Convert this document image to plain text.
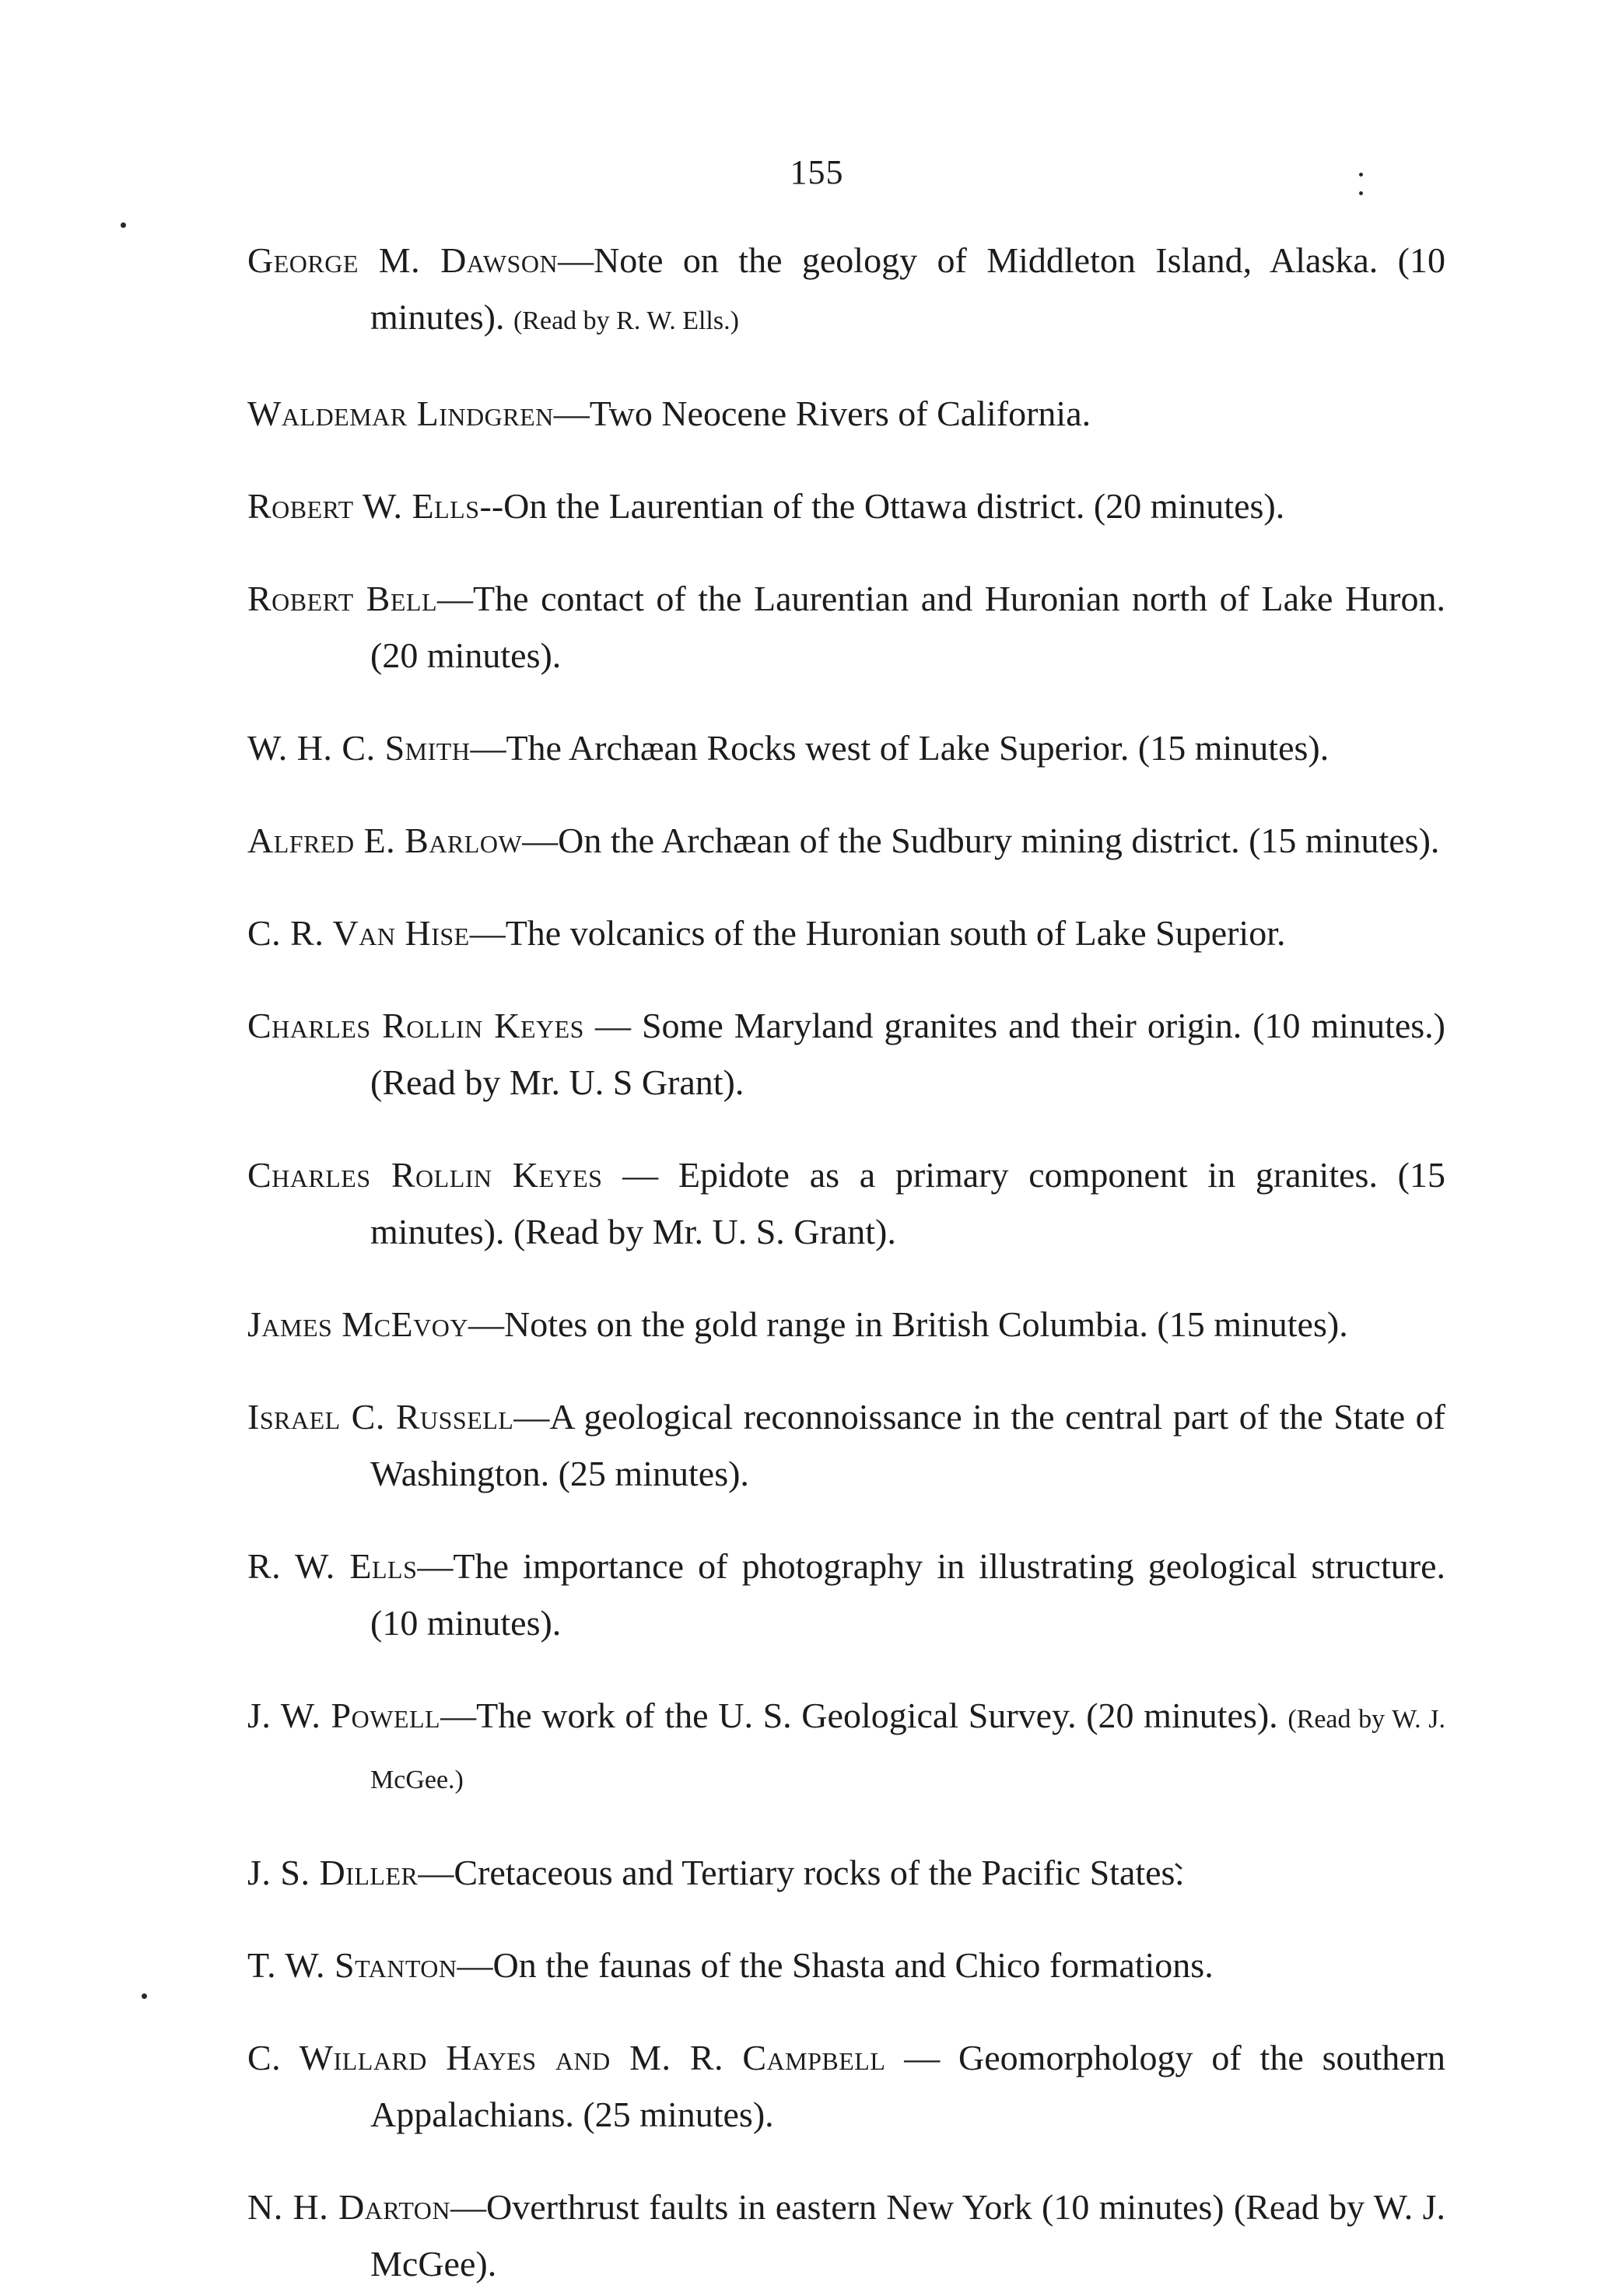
155

George M. Dawson—Note on the geology of Middleton Island, Alaska. (10 minutes). (Read by R. W. Ells.)

Waldemar Lindgren—Two Neocene Rivers of California.

Robert W. Ells--On the Laurentian of the Ottawa district. (20 minutes).

Robert Bell—The contact of the Laurentian and Huronian north of Lake Huron. (20 minutes).

W. H. C. Smith—The Archæan Rocks west of Lake Superior. (15 minutes).

Alfred E. Barlow—On the Archæan of the Sudbury mining district. (15 minutes).

C. R. Van Hise—The volcanics of the Huronian south of Lake Superior.

Charles Rollin Keyes — Some Maryland granites and their origin. (10 minutes.) (Read by Mr. U. S Grant).

Charles Rollin Keyes — Epidote as a primary component in granites. (15 minutes). (Read by Mr. U. S. Grant).

James McEvoy—Notes on the gold range in British Columbia. (15 minutes).

Israel C. Russell—A geological reconnoissance in the central part of the State of Washington. (25 minutes).

R. W. Ells—The importance of photography in illustrating geological structure. (10 minutes).

J. W. Powell—The work of the U. S. Geological Survey. (20 minutes). (Read by W. J. McGee.)

J. S. Diller—Cretaceous and Tertiary rocks of the Pacific States.

T. W. Stanton—On the faunas of the Shasta and Chico formations.

C. Willard Hayes and M. R. Campbell — Geomorphology of the southern Appalachians. (25 minutes).

N. H. Darton—Overthrust faults in eastern New York (10 minutes) (Read by W. J. McGee).
